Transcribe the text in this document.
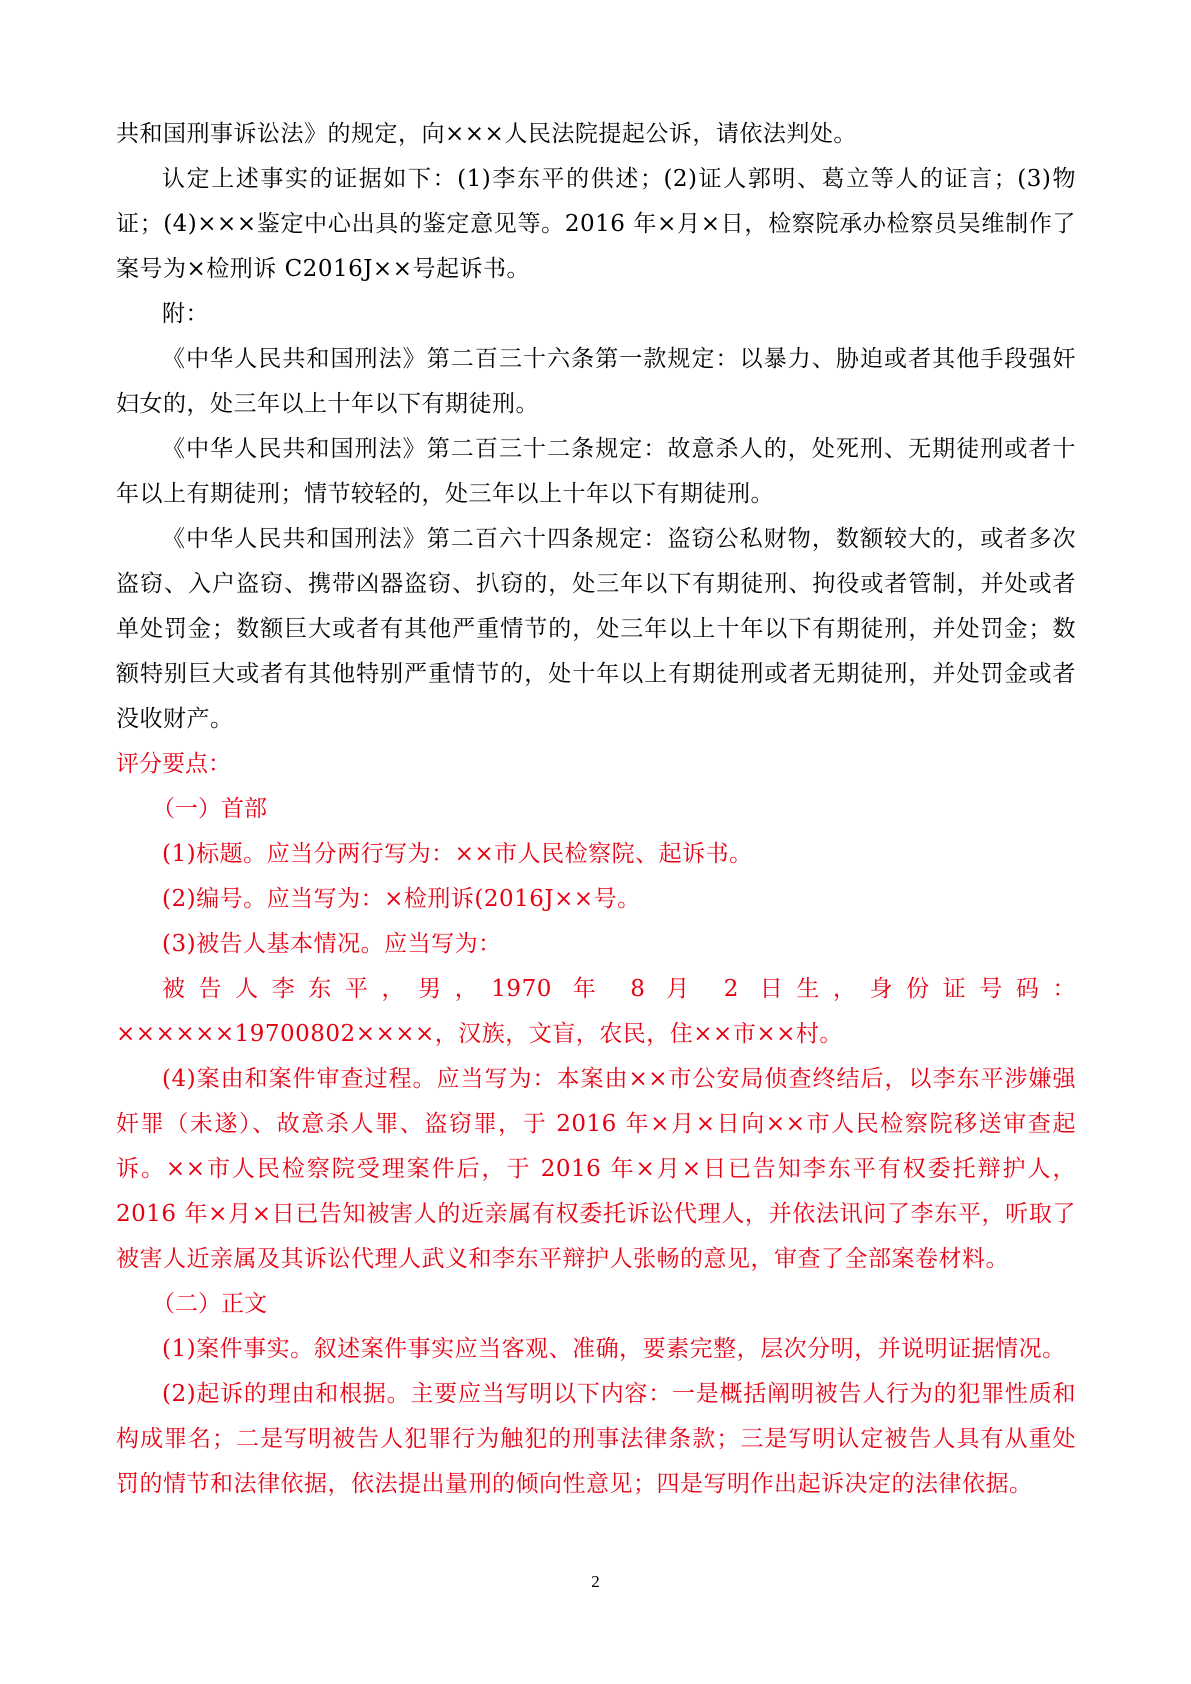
共和国刑事诉讼法》的规定，向×××人民法院提起公诉，请依法判处。

认定上述事实的证据如下：(1)李东平的供述；(2)证人郭明、葛立等人的证言；(3)物证；(4)×××鉴定中心出具的鉴定意见等。2016 年×月×日，检察院承办检察员吴维制作了案号为×检刑诉 C2016J××号起诉书。

附：

《中华人民共和国刑法》第二百三十六条第一款规定：以暴力、胁迫或者其他手段强奸妇女的，处三年以上十年以下有期徒刑。

《中华人民共和国刑法》第二百三十二条规定：故意杀人的，处死刑、无期徒刑或者十年以上有期徒刑；情节较轻的，处三年以上十年以下有期徒刑。

《中华人民共和国刑法》第二百六十四条规定：盗窃公私财物，数额较大的，或者多次盗窃、入户盗窃、携带凶器盗窃、扒窃的，处三年以下有期徒刑、拘役或者管制，并处或者单处罚金；数额巨大或者有其他严重情节的，处三年以上十年以下有期徒刑，并处罚金；数额特别巨大或者有其他特别严重情节的，处十年以上有期徒刑或者无期徒刑，并处罚金或者没收财产。

评分要点：

（一）首部

(1)标题。应当分两行写为：××市人民检察院、起诉书。

(2)编号。应当写为：×检刑诉(2016J××号。

(3)被告人基本情况。应当写为：

被告人李东平，男，1970 年 8 月 2 日生，身份证号码：××××××19700802××××，汉族，文盲，农民，住××市××村。

(4)案由和案件审查过程。应当写为：本案由××市公安局侦查终结后，以李东平涉嫌强奸罪（未遂）、故意杀人罪、盗窃罪，于 2016 年×月×日向××市人民检察院移送审查起诉。××市人民检察院受理案件后，于 2016 年×月×日已告知李东平有权委托辩护人，2016 年×月×日已告知被害人的近亲属有权委托诉讼代理人，并依法讯问了李东平，听取了被害人近亲属及其诉讼代理人武义和李东平辩护人张畅的意见，审查了全部案卷材料。

（二）正文

(1)案件事实。叙述案件事实应当客观、准确，要素完整，层次分明，并说明证据情况。

(2)起诉的理由和根据。主要应当写明以下内容：一是概括阐明被告人行为的犯罪性质和构成罪名；二是写明被告人犯罪行为触犯的刑事法律条款；三是写明认定被告人具有从重处罚的情节和法律依据，依法提出量刑的倾向性意见；四是写明作出起诉决定的法律依据。

2
